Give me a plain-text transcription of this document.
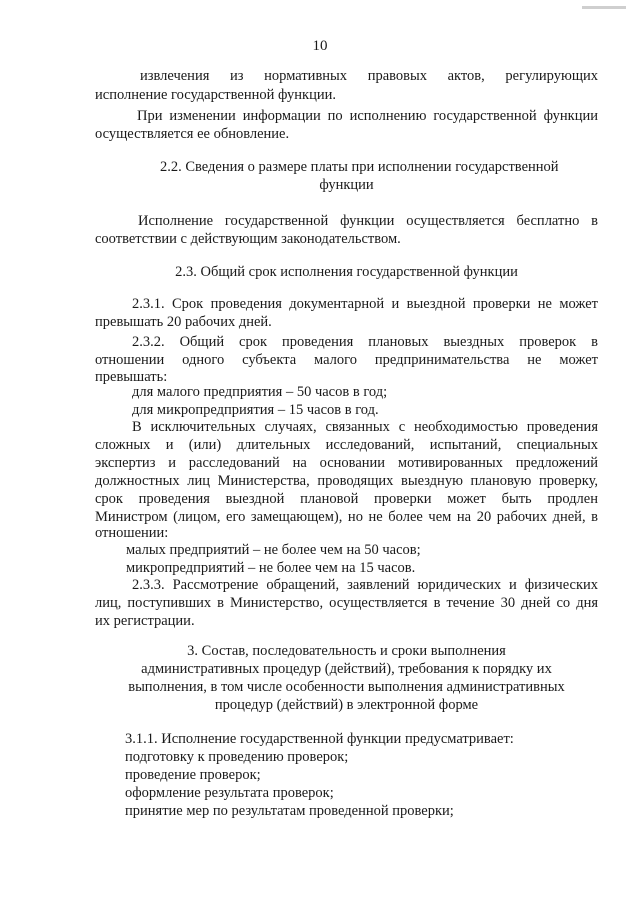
10
извлечения из нормативных правовых актов, регулирующих
исполнение государственной функции.
При изменении информации по исполнению государственной функции
осуществляется ее обновление.
2.2. Сведения о размере платы при исполнении государственной
функции
Исполнение государственной функции осуществляется бесплатно в
соответствии с действующим законодательством.
2.3. Общий срок исполнения государственной функции
2.3.1. Срок проведения документарной и выездной проверки не может
превышать 20 рабочих дней.
2.3.2. Общий срок проведения плановых выездных проверок в
отношении одного субъекта малого предпринимательства не может
превышать:
для малого предприятия – 50 часов в год;
для микропредприятия – 15 часов в год.
В исключительных случаях, связанных с необходимостью проведения
сложных и (или) длительных исследований, испытаний, специальных
экспертиз и расследований на основании мотивированных предложений
должностных лиц Министерства, проводящих выездную плановую проверку,
срок проведения выездной плановой проверки может быть продлен
Министром (лицом, его замещающем), но не более чем на 20 рабочих дней, в
отношении:
малых предприятий – не более чем на 50 часов;
микропредприятий – не более чем на 15 часов.
2.3.3. Рассмотрение обращений, заявлений юридических и физических
лиц, поступивших в Министерство, осуществляется в течение 30 дней со дня
их регистрации.
3. Состав, последовательность и сроки выполнения
административных процедур (действий), требования к порядку их
выполнения, в том числе особенности выполнения административных
процедур (действий) в электронной форме
3.1.1. Исполнение государственной функции предусматривает:
подготовку к проведению проверок;
проведение проверок;
оформление результата проверок;
принятие мер по результатам проведенной проверки;
